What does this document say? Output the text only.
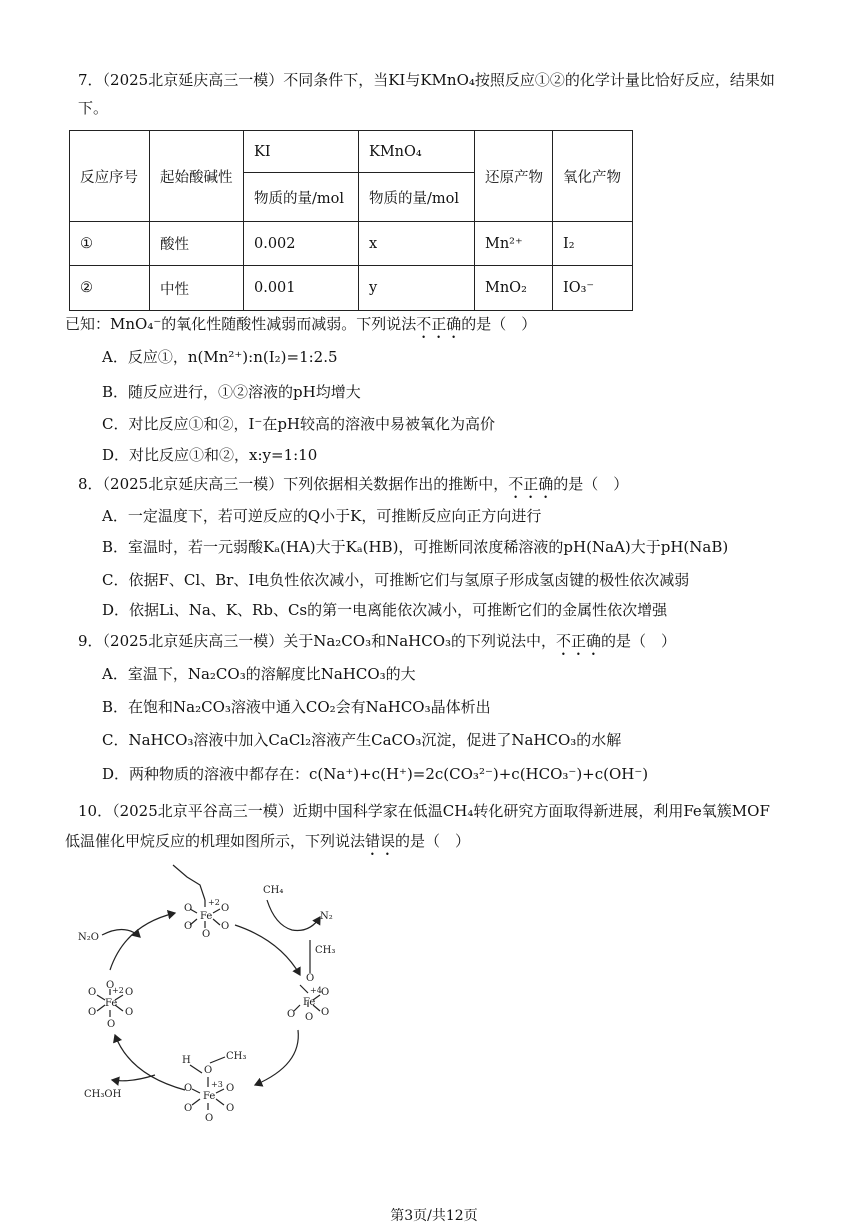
7．（2025北京延庆高三一模）不同条件下，当KI与KMnO₄按照反应①②的化学计量比恰好反应，结果如
下。
反应序号	起始酸碱性	KI	KMnO₄	还原产物	氧化产物
		物质的量/mol	物质的量/mol		
①	酸性	0.002	x	Mn²⁺	I₂
②	中性	0.001	y	MnO₂	IO₃⁻
已知：MnO₄⁻的氧化性随酸性减弱而减弱。下列说法不正确的是（　）
A．反应①，n(Mn²⁺):n(I₂)=1:2.5
B．随反应进行，①②溶液的pH均增大
C．对比反应①和②，I⁻在pH较高的溶液中易被氧化为高价
D．对比反应①和②，x:y=1:10
8．（2025北京延庆高三一模）下列依据相关数据作出的推断中，不正确的是（　）
A．一定温度下，若可逆反应的Q小于K，可推断反应向正方向进行
B．室温时，若一元弱酸Kₐ(HA)大于Kₐ(HB)，可推断同浓度稀溶液的pH(NaA)大于pH(NaB)
C．依据F、Cl、Br、I电负性依次减小，可推断它们与氢原子形成氢卤键的极性依次减弱
D．依据Li、Na、K、Rb、Cs的第一电离能依次减小，可推断它们的金属性依次增强
9．（2025北京延庆高三一模）关于Na₂CO₃和NaHCO₃的下列说法中，不正确的是（　）
A．室温下，Na₂CO₃的溶解度比NaHCO₃的大
B．在饱和Na₂CO₃溶液中通入CO₂会有NaHCO₃晶体析出
C．NaHCO₃溶液中加入CaCl₂溶液产生CaCO₃沉淀，促进了NaHCO₃的水解
D．两种物质的溶液中都存在：c(Na⁺)+c(H⁺)=2c(CO₃²⁻)+c(HCO₃⁻)+c(OH⁻)
10．（2025北京平谷高三一模）近期中国科学家在低温CH₄转化研究方面取得新进展，利用Fe氧簇MOF
低温催化甲烷反应的机理如图所示，下列说法错误的是（　）
N₂O
CH₄
N₂
CH₃OH
Fe
+2
O	O
O	O
O
CH₃
O
Fe
+4 O
O
O O
O
Fe
+2
O	O
O	O
O
H
O
CH₃
Fe
+3
O	O
O	O
O
第3页/共12页
